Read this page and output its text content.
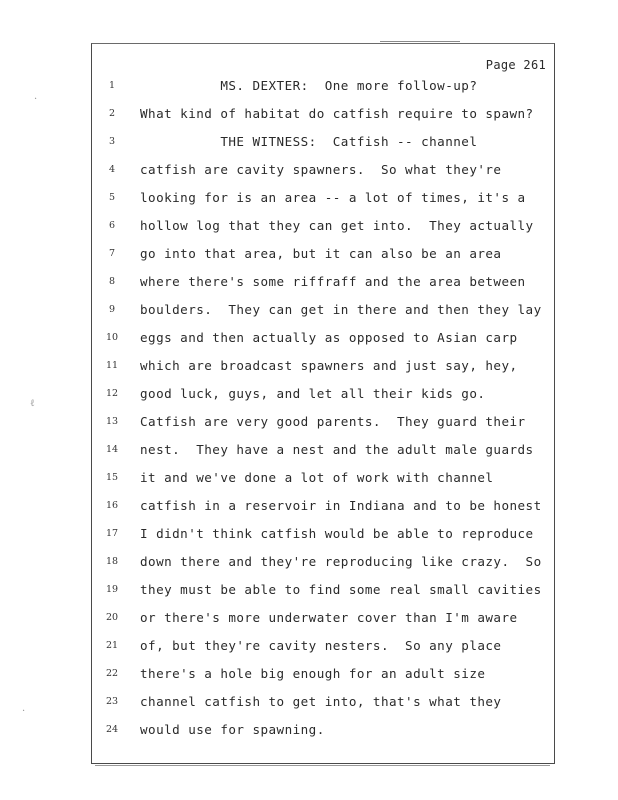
Page 261
1	MS. DEXTER:  One more follow-up?
2	What kind of habitat do catfish require to spawn?
3	THE WITNESS:  Catfish -- channel
4	catfish are cavity spawners.  So what they're
5	looking for is an area -- a lot of times, it's a
6	hollow log that they can get into.  They actually
7	go into that area, but it can also be an area
8	where there's some riffraff and the area between
9	boulders.  They can get in there and then they lay
10	eggs and then actually as opposed to Asian carp
11	which are broadcast spawners and just say, hey,
12	good luck, guys, and let all their kids go.
13	Catfish are very good parents.  They guard their
14	nest.  They have a nest and the adult male guards
15	it and we've done a lot of work with channel
16	catfish in a reservoir in Indiana and to be honest
17	I didn't think catfish would be able to reproduce
18	down there and they're reproducing like crazy.  So
19	they must be able to find some real small cavities
20	or there's more underwater cover than I'm aware
21	of, but they're cavity nesters.  So any place
22	there's a hole big enough for an adult size
23	channel catfish to get into, that's what they
24	would use for spawning.
·
ℓ
·
